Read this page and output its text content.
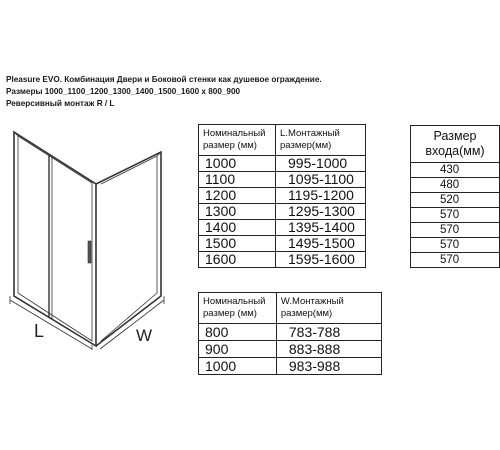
Pleasure EVO. Комбинация Двери и Боковой стенки как душевое ограждение.
Размеры 1000_1100_1200_1300_1400_1500_1600 x 800_900
Реверсивный монтаж R / L
L	W
Номинальный размер (мм)	L.Монтажный размер(мм)
1000	995-1000
1100	1095-1100
1200	1195-1200
1300	1295-1300
1400	1395-1400
1500	1495-1500
1600	1595-1600
Размер входа(мм)
430
480
520
570
570
570
570
Номинальный размер (мм)	W.Монтажный размер(мм)
800	783-788
900	883-888
1000	983-988
